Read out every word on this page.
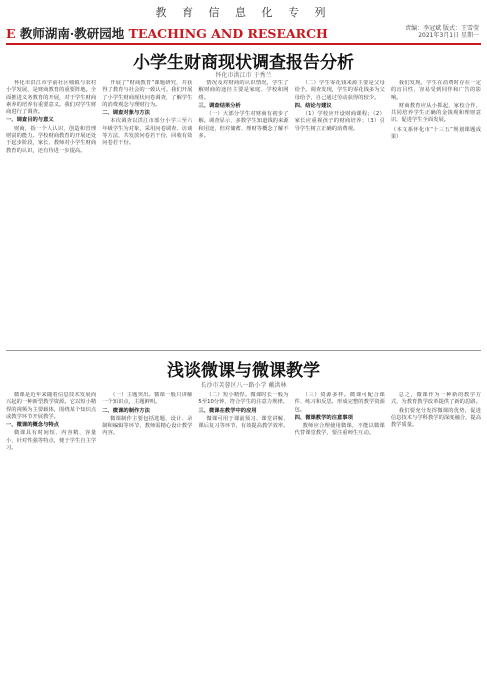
教 育 信 息 化 专 列
E 教师湖南·教研园地 TEACHING AND RESEARCH	责编：李冠斌 版式：王雪莹
2021年3月1日 星期一
小学生财商现状调查报告分析
怀化市洪江市 于秀兰

怀化市洪江市学前社区城镇与农村小学发展，是财商教育的重要阵地。全面推进义务教育的开展，对于学生财商素养的培养有重要意义。我们对学生财商进行了调查。

一、调查目的与意义

财商，指一个人认识、创造和管理财富的能力。学校财商教育的开展还处于起步阶段，家长、教师对小学生财商教育的认识，还有待进一步提高。

开展了“财商教育”课题研究，并获得了教育与社会的一致认可。我们开展了小学生财商现状问卷调查，了解学生的消费观念与理财行为。

二、调查对象与方法

本次调查以洪江市部分小学三至六年级学生为对象，采用问卷调查、访谈等方法，共发放问卷若干份，回收有效问卷若干份。

情况及对财商的认识情况，学生了解财商的途径主要是家庭、学校和网络。

三、调查结果分析

（一）大部分学生对财商有初步了解。调查显示，多数学生知道钱的来源和用途，但对储蓄、理财等概念了解不多。

（二）学生零花钱来源主要是父母给予。调查发现，学生的零花钱多为父母给予，自己通过劳动获得的较少。

四、结论与建议

（1）学校应开设财商课程；（2）家长应重视孩子的财商培养；（3）引导学生树立正确的消费观。

我们发现，学生在消费时存在一定的盲目性，容易受到同伴和广告的影响。

财商教育应从小抓起，家校合作，共同培养学生正确的金钱观和理财意识，促进学生全面发展。

（本文系怀化市“十三五”规划课题成果）
浅谈微课与微课教学
长沙市芙蓉区八一路小学 戴洪林

微课是近年来随着信息技术发展而兴起的一种新型教学资源。它以短小精悍的视频为主要载体，围绕某个知识点或教学环节开展教学。

一、微课的概念与特点

微课具有时间短、内容精、容量小、针对性强等特点，便于学生自主学习。

（一）主题突出。微课一般只讲解一个知识点，主题鲜明。

二、微课的制作方法

微课制作主要包括选题、设计、录制和编辑等环节，教师需精心设计教学内容。

（二）短小精悍。微课时长一般为5至10分钟，符合学生的注意力规律。

三、微课在教学中的应用

微课可用于课前预习、课堂讲解、课后复习等环节，有效提高教学效率。

（三）资源多样。微课可配合课件、练习和反思，形成完整的教学资源包。

四、微课教学的注意事项

教师应合理使用微课，不能以微课代替课堂教学，要注重师生互动。

总之，微课作为一种新的教学方式，为教育教学改革提供了新的思路。

我们要充分发挥微课的优势，促进信息技术与学科教学的深度融合，提高教学质量。
